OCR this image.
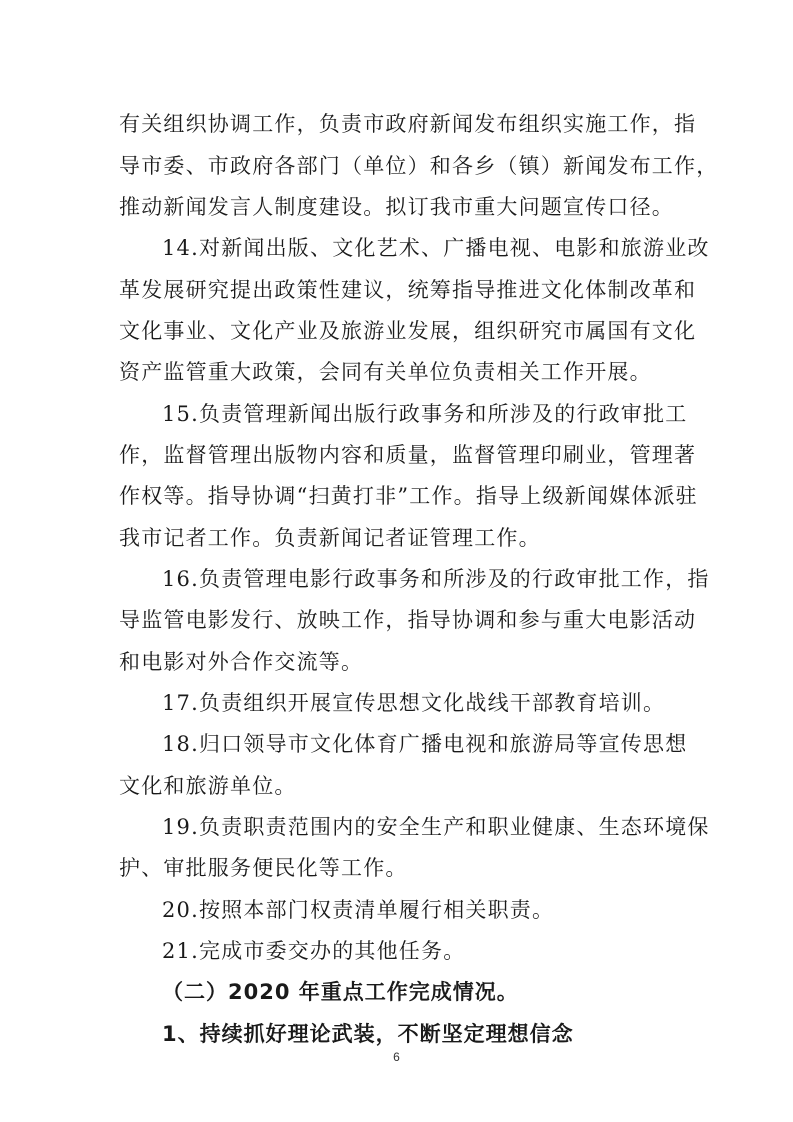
有关组织协调工作，负责市政府新闻发布组织实施工作，指

导市委、市政府各部门（单位）和各乡（镇）新闻发布工作，

推动新闻发言人制度建设。拟订我市重大问题宣传口径。

14.对新闻出版、文化艺术、广播电视、电影和旅游业改

革发展研究提出政策性建议，统筹指导推进文化体制改革和

文化事业、文化产业及旅游业发展，组织研究市属国有文化

资产监管重大政策，会同有关单位负责相关工作开展。

15.负责管理新闻出版行政事务和所涉及的行政审批工

作，监督管理出版物内容和质量，监督管理印刷业，管理著

作权等。指导协调“扫黄打非”工作。指导上级新闻媒体派驻

我市记者工作。负责新闻记者证管理工作。

16.负责管理电影行政事务和所涉及的行政审批工作，指

导监管电影发行、放映工作，指导协调和参与重大电影活动

和电影对外合作交流等。

17.负责组织开展宣传思想文化战线干部教育培训。

18.归口领导市文化体育广播电视和旅游局等宣传思想

文化和旅游单位。

19.负责职责范围内的安全生产和职业健康、生态环境保

护、审批服务便民化等工作。

20.按照本部门权责清单履行相关职责。

21.完成市委交办的其他任务。

（二）2020 年重点工作完成情况。

1、持续抓好理论武装，不断坚定理想信念

6
